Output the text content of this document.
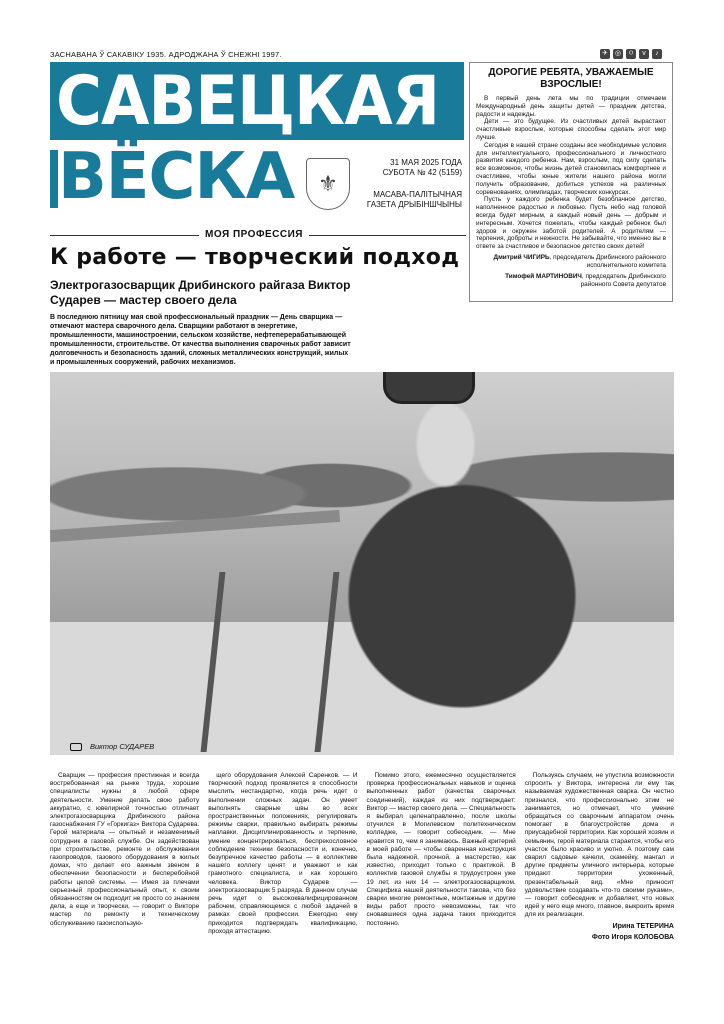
ЗАСНАВАНА Ў САКАВІКУ 1935. АДРОДЖАНА Ў СНЕЖНІ 1997.	✈ ◎ ㅇ	v	♪
САВЕЦКАЯ
ВЁСКА	⚜
31 МАЯ 2025 ГОДА
СУБОТА № 42 (5159)
МАСАВА-ПАЛІТЫЧНАЯ ГАЗЕТА ДРЫБІНШЧЫНЫ
ДОРОГИЕ РЕБЯТА, УВАЖАЕМЫЕ ВЗРОСЛЫЕ!

В первый день лета мы по традиции отмечаем Международный день защиты детей — праздник детства, радости и надежды.

Дети — это будущее. Из счастливых детей вырастают счастливые взрослые, которые способны сделать этот мир лучше.

Сегодня в нашей стране созданы все необходимые условия для интеллектуального, профессионального и личностного развития каждого ребенка. Нам, взрослым, под силу сделать все возможное, чтобы жизнь детей становилась комфортнее и счастливее, чтобы юные жители нашего района могли получить образование, добиться успехов на различных соревнованиях, олимпиадах, творческих конкурсах.

Пусть у каждого ребенка будет безоблачное детство, наполненное радостью и любовью. Пусть небо над головой всегда будет мирным, а каждый новый день — добрым и интересным. Хочется пожелать, чтобы каждый ребенок был здоров и окружен заботой родителей. А родителям — терпения, доброты и нежности. Не забывайте, что именно вы в ответе за счастливое и безопасное детство своих детей!

Дмитрий ЧИГИРЬ, председатель Дрибинского районного исполнительного комитета
Тимофей МАРТИНОВИЧ, председатель Дрибинского районного Совета депутатов
МОЯ ПРОФЕССИЯ
К работе — творческий подход
Электрогазосварщик Дрибинского райгаза Виктор Сударев — мастер своего дела
В последнюю пятницу мая свой профессиональный праздник — День сварщика — отмечают мастера сварочного дела. Сварщики работают в энергетике, промышленности, машиностроении, сельском хозяйстве, нефтеперерабатывающей промышленности, строительстве. От качества выполнения сварочных работ зависит долговечность и безопасность зданий, сложных металлических конструкций, жилых и промышленных сооружений, рабочих механизмов.
Виктор СУДАРЕВ

Сварщик — профессия престижная и всегда востребованная на рынке труда, хорошие специалисты нужны в любой сфере деятельности. Умение делать свою работу аккуратно, с ювелирной точностью отличает электрогазосварщика Дрибинского района газоснабжения ГУ «Горкигаз» Виктора Сударева. Герой материала — опытный и незаменимый сотрудник в газовой службе. Он задействован при строительстве, ремонте и обслуживании газопроводов, газового оборудования в жилых домах, что делает его важным звеном в обеспечении безопасности и бесперебойной работы целой системы. — Имея за плечами серьезный профессиональный опыт, к своим обязанностям он подходит не просто со знанием дела, а еще и творчески, — говорит о Викторе мастер по ремонту и техническому обслуживанию газоиспользую-

щего оборудования Алексей Саренков. — И творческий подход проявляется в способности мыслить нестандартно, когда речь идет о выполнении сложных задач. Он умеет выполнять сварные швы во всех пространственных положениях, регулировать режимы сварки, правильно выбирать режимы наплавки. Дисциплинированность и терпение, умение концентрироваться, беспрекословное соблюдение техники безопасности и, конечно, безупречное качество работы — в коллективе нашего коллегу ценят и уважают и как грамотного специалиста, и как хорошего человека. Виктор Сударев — электрогазосварщик 5 разряда. В данном случае речь идет о высококвалифицированном рабочем, справляющемся с любой задачей в рамках своей профессии. Ежегодно ему приходится подтверждать квалификацию, проходя аттестацию.

Помимо этого, ежемесячно осуществляется проверка профессиональных навыков и оценка выполненных работ (качества сварочных соединений), каждая из них подтверждает: Виктор — мастер своего дела. — Специальность я выбирал целенаправленно, после школы отучился в Могилевском политехническом колледже, — говорит собеседник. — Мне нравится то, чем я занимаюсь. Важный критерий в моей работе — чтобы сваренная конструкция была надежной, прочной, а мастерство, как известно, приходит только с практикой. В коллектив газовой службы я трудоустроен уже 19 лет, из них 14 — электрогазосварщиком. Специфика нашей деятельности такова, что без сварки многие ремонтные, монтажные и другие виды работ просто невозможны, так что сновавшиеся одна задача таких приходится постоянно.

Пользуясь случаем, не упустила возможности спросить у Виктора, интересна ли ему так называемая художественная сварка. Он честно признался, что профессионально этим не занимается, но отмечает, что умение обращаться со сварочным аппаратом очень помогает в благоустройстве дома и приусадебной территории. Как хороший хозяин и семьянин, герой материала старается, чтобы его участок было красиво и уютно. А поэтому сам сварил садовые качели, скамейку, мангал и другие предметы уличного интерьера, которые придают территории ухоженный, презентабельный вид. «Мне приносит удовольствие создавать что-то своими руками», — говорит собеседник и добавляет, что новых идей у него еще много, главное, выкроить время для их реализации.

Ирина ТЕТЕРИНА
Фото Игоря КОЛОБОВА
